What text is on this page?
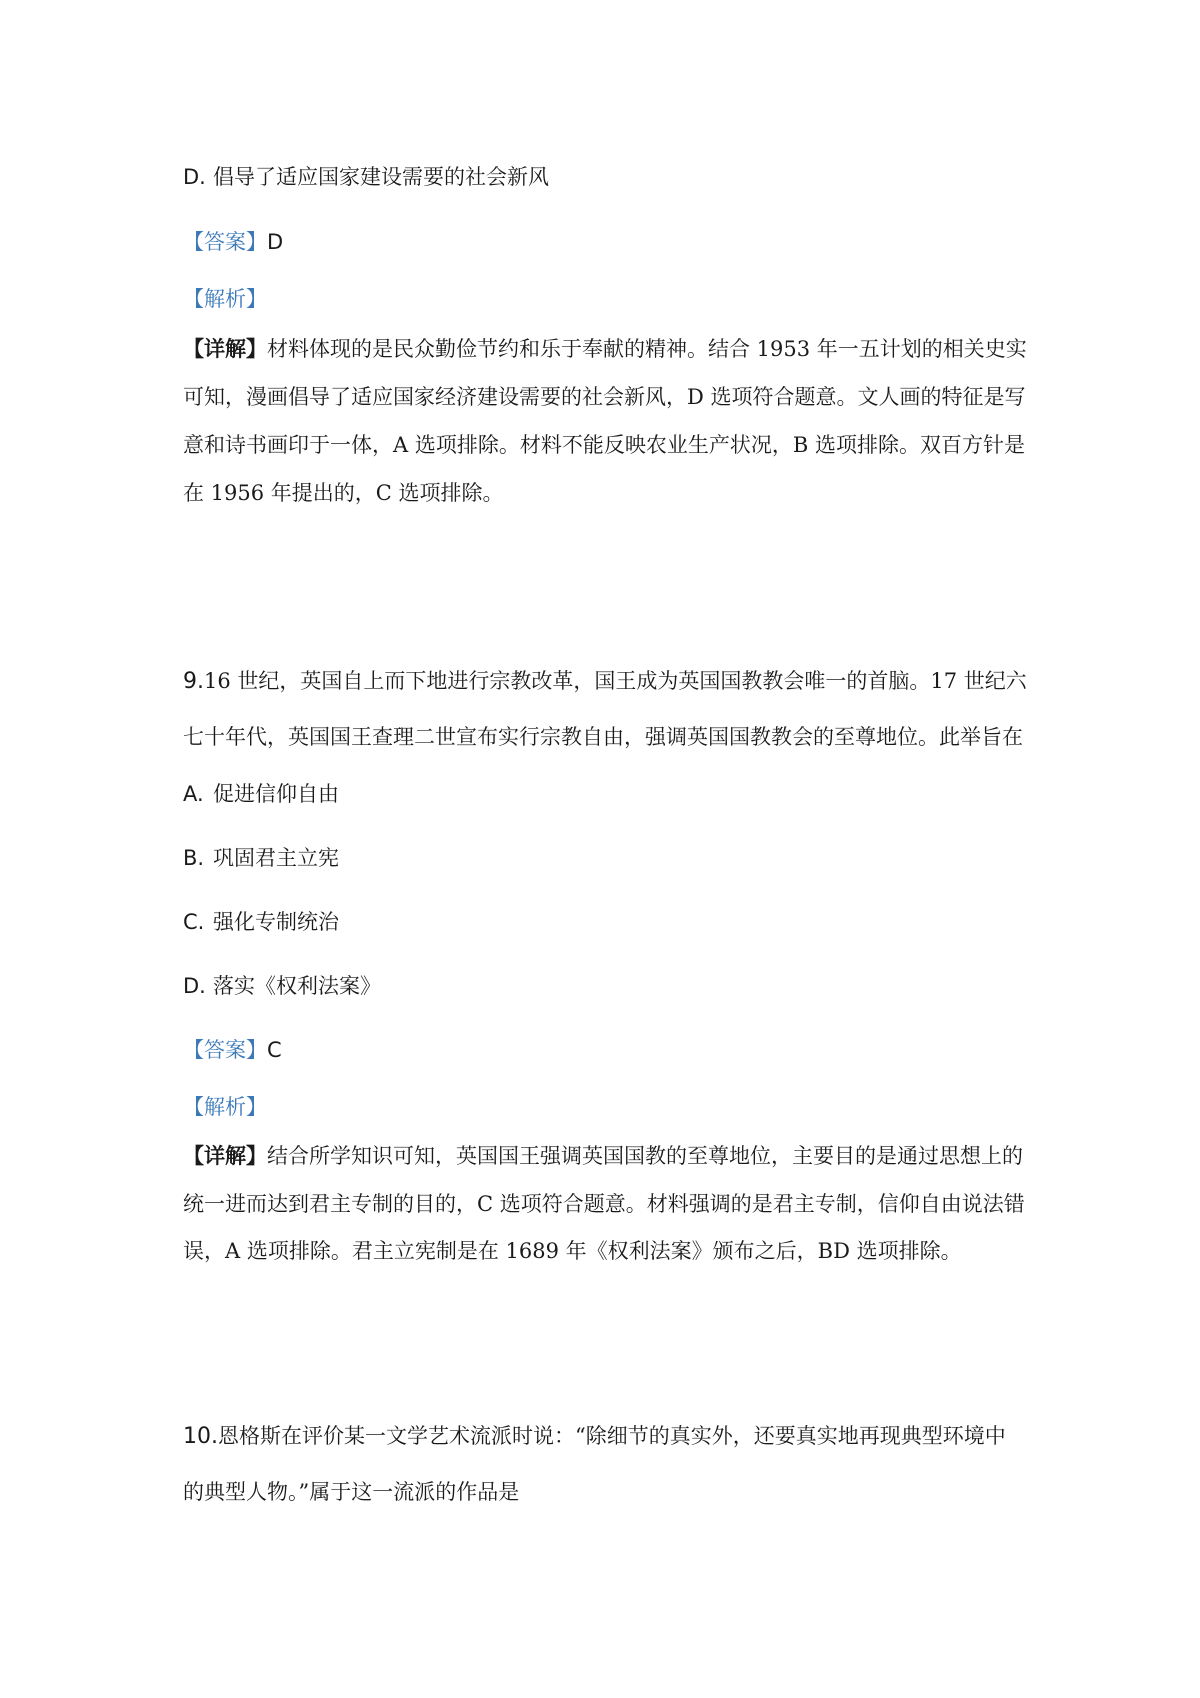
D. 倡导了适应国家建设需要的社会新风
【答案】D
【解析】
【详解】材料体现的是民众勤俭节约和乐于奉献的精神。结合 1953 年一五计划的相关史实
可知，漫画倡导了适应国家经济建设需要的社会新风，D 选项符合题意。文人画的特征是写
意和诗书画印于一体，A 选项排除。材料不能反映农业生产状况，B 选项排除。双百方针是
在 1956 年提出的，C 选项排除。
9.16 世纪，英国自上而下地进行宗教改革，国王成为英国国教教会唯一的首脑。17 世纪六
七十年代，英国国王查理二世宣布实行宗教自由，强调英国国教教会的至尊地位。此举旨在
A. 促进信仰自由
B. 巩固君主立宪
C. 强化专制统治
D. 落实《权利法案》
【答案】C
【解析】
【详解】结合所学知识可知，英国国王强调英国国教的至尊地位，主要目的是通过思想上的
统一进而达到君主专制的目的，C 选项符合题意。材料强调的是君主专制，信仰自由说法错
误，A 选项排除。君主立宪制是在 1689 年《权利法案》颁布之后，BD 选项排除。
10.恩格斯在评价某一文学艺术流派时说：“除细节的真实外，还要真实地再现典型环境中
的典型人物。”属于这一流派的作品是
